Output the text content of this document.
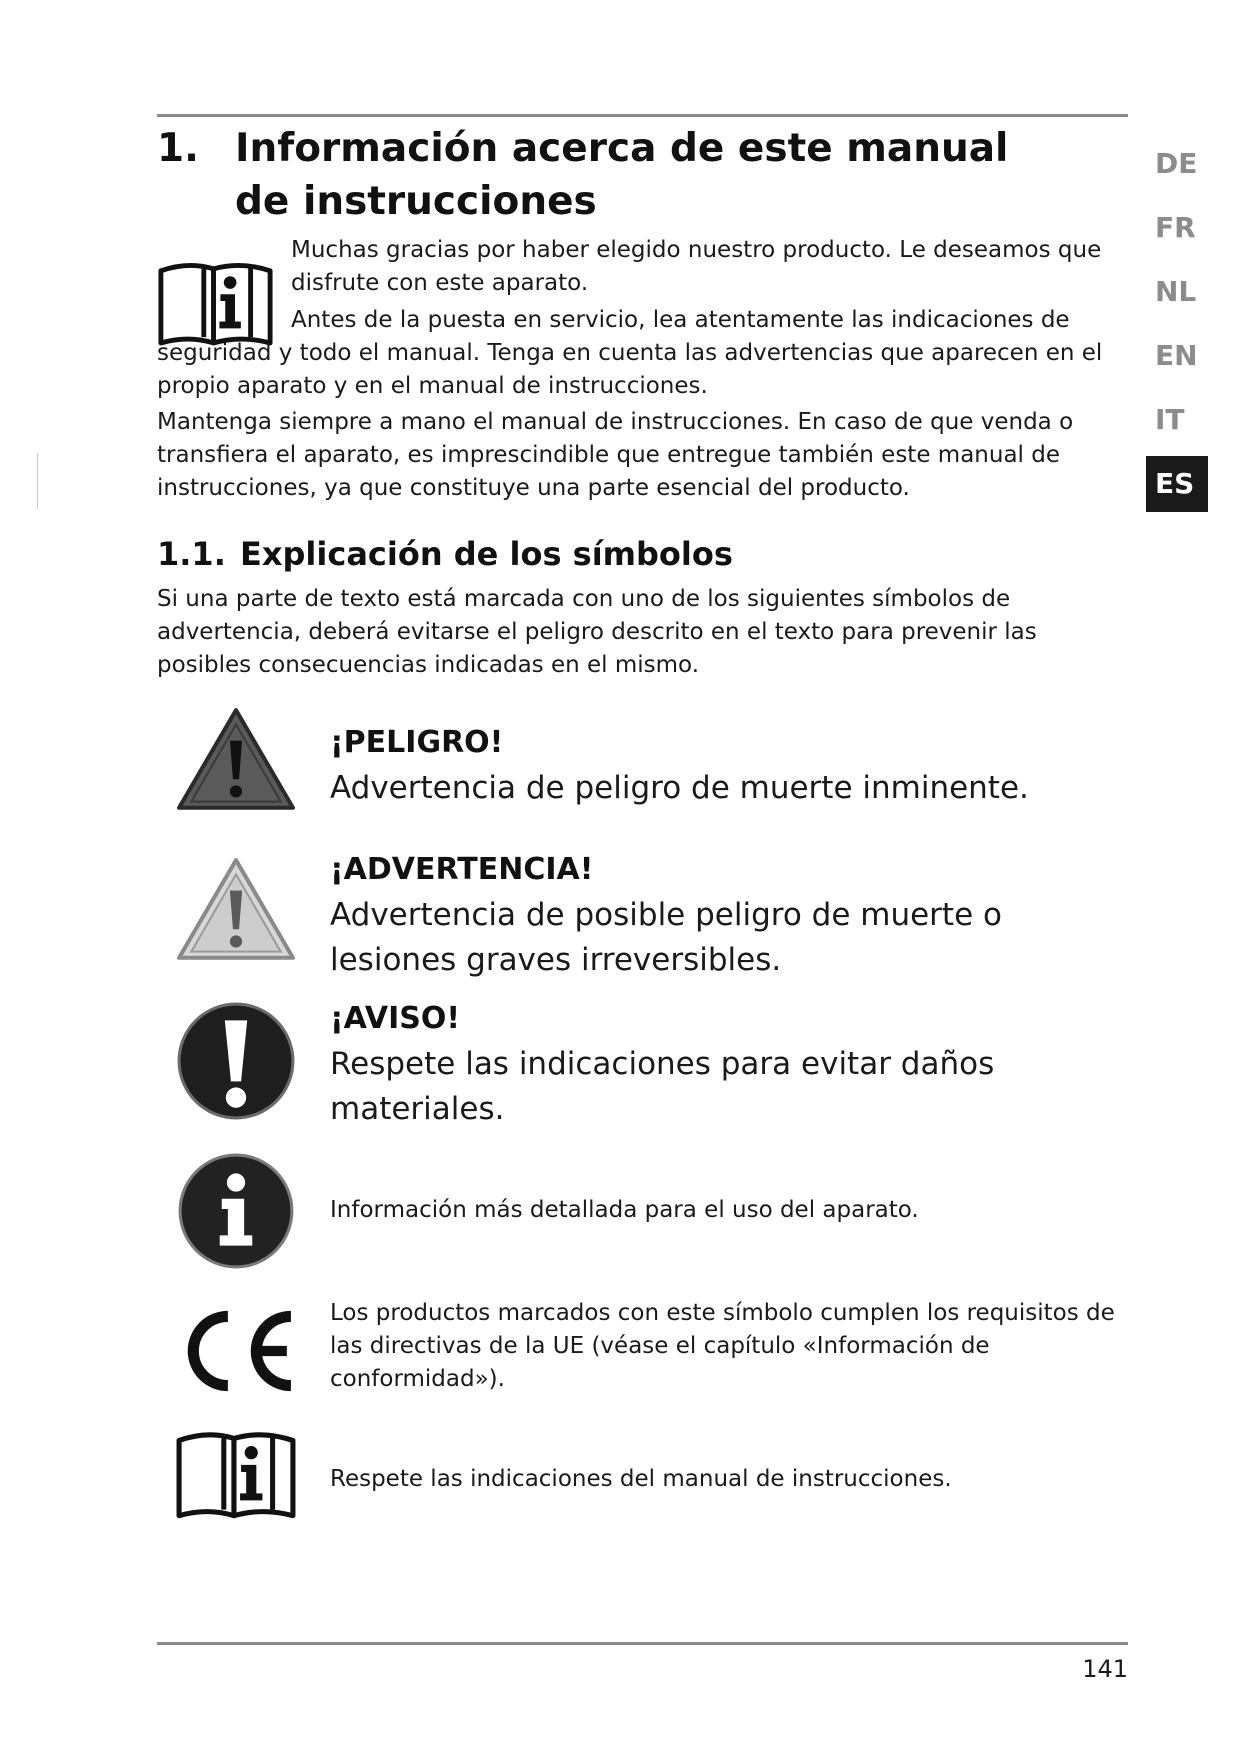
DE
FR
NL
EN
IT
ES
1. Información acerca de este manual de instrucciones

Muchas gracias por haber elegido nuestro producto. Le deseamos que disfrute con este aparato.

Antes de la puesta en servicio, lea atentamente las indicaciones de seguridad y todo el manual. Tenga en cuenta las advertencias que aparecen en el propio aparato y en el manual de instrucciones.

Mantenga siempre a mano el manual de instrucciones. En caso de que venda o transfiera el aparato, es imprescindible que entregue también este manual de instrucciones, ya que constituye una parte esencial del producto.

1.1. Explicación de los símbolos
Si una parte de texto está marcada con uno de los siguientes símbolos de advertencia, deberá evitarse el peligro descrito en el texto para prevenir las posibles consecuencias indicadas en el mismo.
¡PELIGRO!
Advertencia de peligro de muerte inminente.
¡ADVERTENCIA!
Advertencia de posible peligro de muerte o lesiones graves irreversibles.
¡AVISO!
Respete las indicaciones para evitar daños materiales.
Información más detallada para el uso del aparato.
Los productos marcados con este símbolo cumplen los requisitos de las directivas de la UE (véase el capítulo «Información de conformidad»).
Respete las indicaciones del manual de instrucciones.
141
